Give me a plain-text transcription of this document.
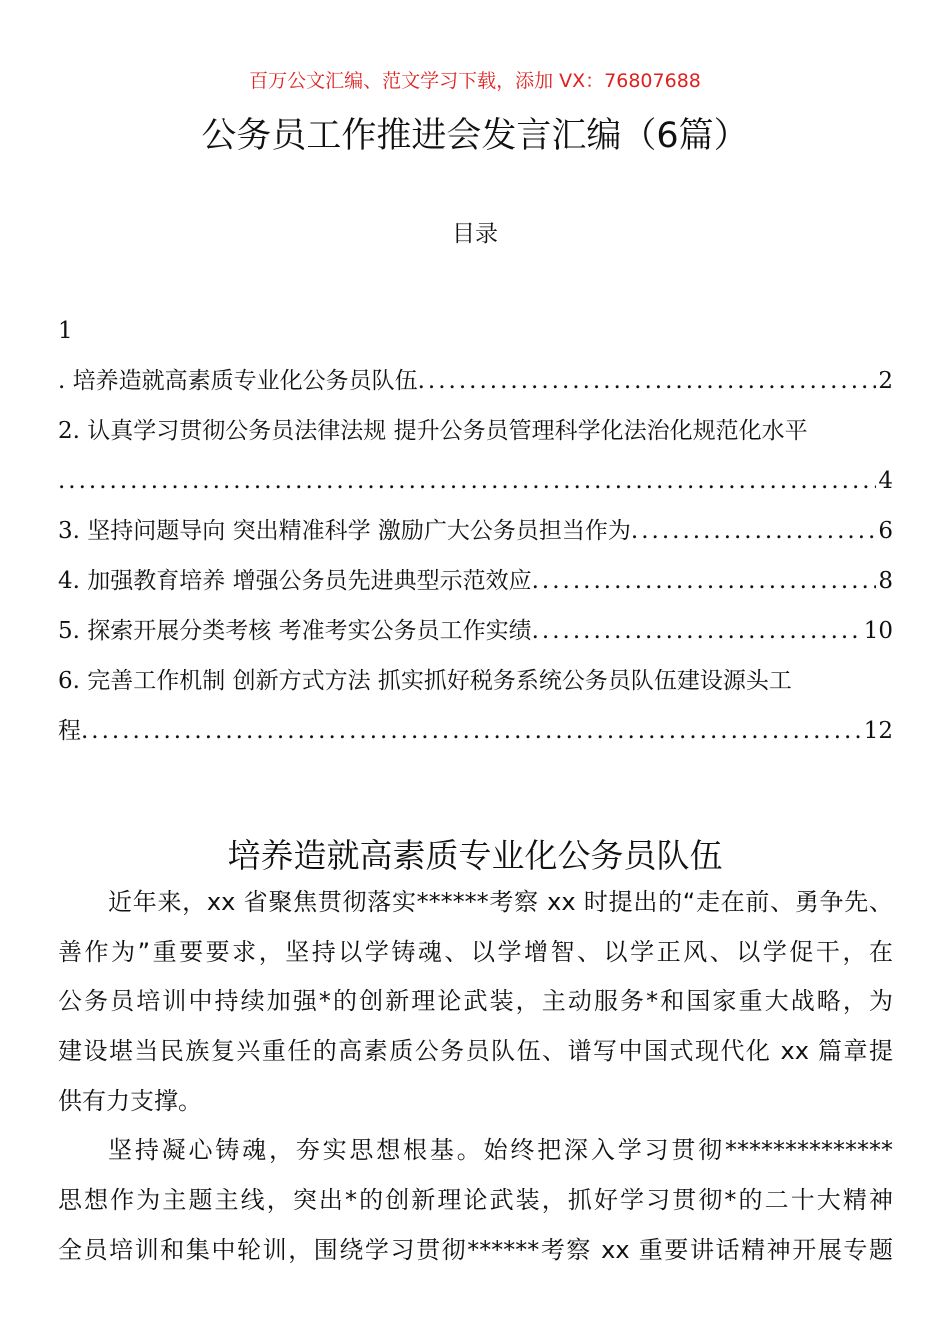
百万公文汇编、范文学习下载，添加 VX：76807688
公务员工作推进会发言汇编（6篇）
目录
1
. 培养造就高素质专业化公务员队伍 .....	2
2. 认真学习贯彻公务员法律法规 提升公务员管理科学化法治化规范化水平
.....
4
3. 坚持问题导向 突出精准科学 激励广大公务员担当作为 .....	6
4. 加强教育培养 增强公务员先进典型示范效应 .....	8
5. 探索开展分类考核 考准考实公务员工作实绩 .....	10
6. 完善工作机制 创新方式方法 抓实抓好税务系统公务员队伍建设源头工
程 .....	12
培养造就高素质专业化公务员队伍
近年来，xx 省聚焦贯彻落实******考察 xx 时提出的“走在前、勇争先、
善作为”重要要求，坚持以学铸魂、以学增智、以学正风、以学促干，在
公务员培训中持续加强*的创新理论武装，主动服务*和国家重大战略，为
建设堪当民族复兴重任的高素质公务员队伍、谱写中国式现代化 xx 篇章提
供有力支撑。
坚持凝心铸魂，夯实思想根基。始终把深入学习贯彻**************
思想作为主题主线，突出*的创新理论武装，抓好学习贯彻*的二十大精神
全员培训和集中轮训，围绕学习贯彻******考察 xx 重要讲话精神开展专题
